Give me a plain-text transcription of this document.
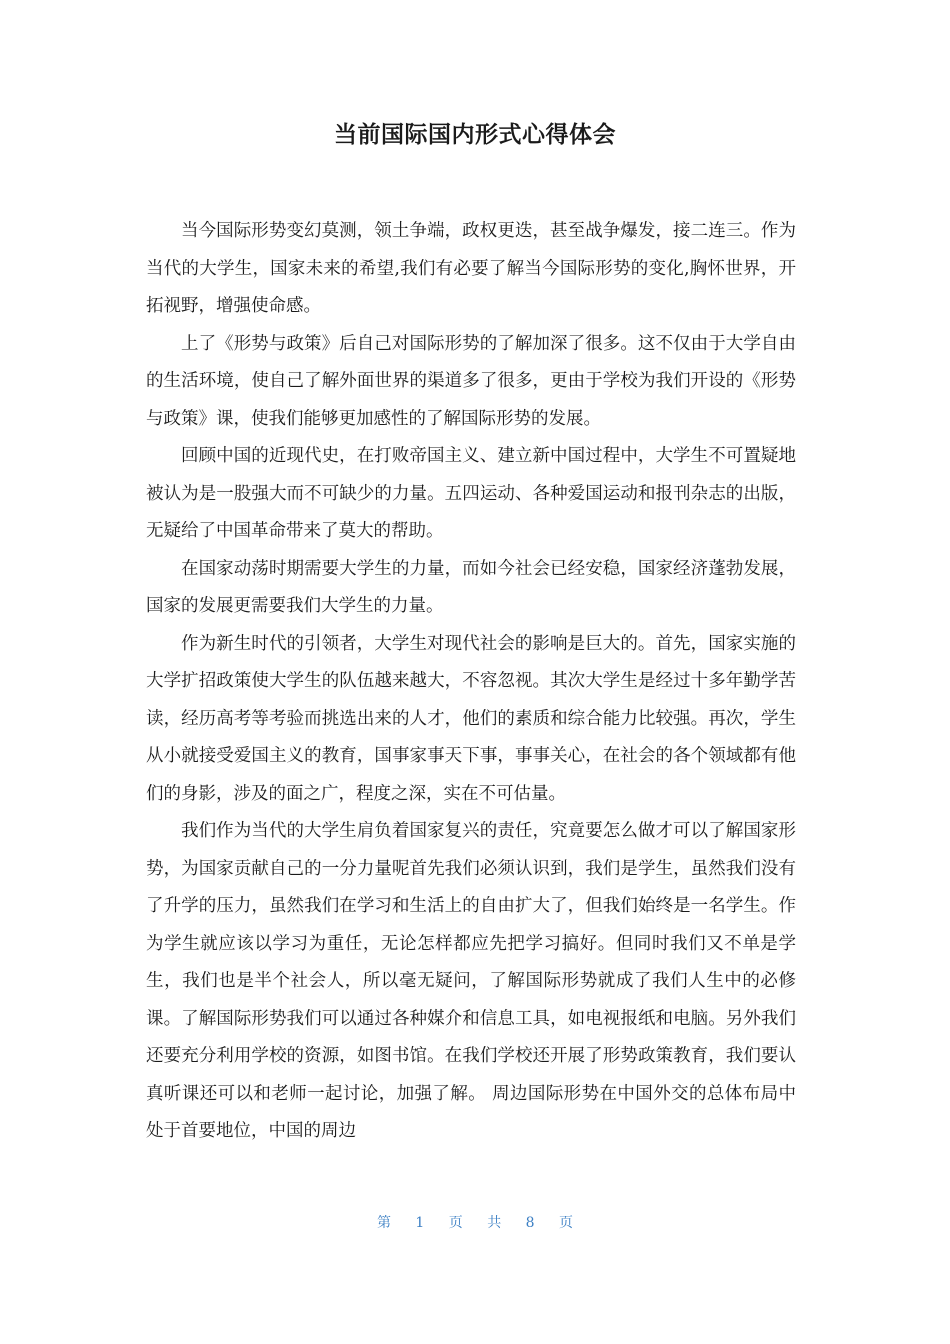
当前国际国内形式心得体会

当今国际形势变幻莫测，领土争端，政权更迭，甚至战争爆发，接二连三。作为当代的大学生，国家未来的希望,我们有必要了解当今国际形势的变化,胸怀世界，开拓视野，增强使命感。

上了《形势与政策》后自己对国际形势的了解加深了很多。这不仅由于大学自由的生活环境，使自己了解外面世界的渠道多了很多，更由于学校为我们开设的《形势与政策》课，使我们能够更加感性的了解国际形势的发展。

回顾中国的近现代史，在打败帝国主义、建立新中国过程中，大学生不可置疑地被认为是一股强大而不可缺少的力量。五四运动、各种爱国运动和报刊杂志的出版，无疑给了中国革命带来了莫大的帮助。

在国家动荡时期需要大学生的力量，而如今社会已经安稳，国家经济蓬勃发展，国家的发展更需要我们大学生的力量。

作为新生时代的引领者，大学生对现代社会的影响是巨大的。首先，国家实施的大学扩招政策使大学生的队伍越来越大，不容忽视。其次大学生是经过十多年勤学苦读，经历高考等考验而挑选出来的人才，他们的素质和综合能力比较强。再次，学生从小就接受爱国主义的教育，国事家事天下事，事事关心，在社会的各个领域都有他们的身影，涉及的面之广，程度之深，实在不可估量。

我们作为当代的大学生肩负着国家复兴的责任，究竟要怎么做才可以了解国家形势，为国家贡献自己的一分力量呢首先我们必须认识到，我们是学生，虽然我们没有了升学的压力，虽然我们在学习和生活上的自由扩大了，但我们始终是一名学生。作为学生就应该以学习为重任，无论怎样都应先把学习搞好。但同时我们又不单是学生，我们也是半个社会人，所以毫无疑问，了解国际形势就成了我们人生中的必修课。了解国际形势我们可以通过各种媒介和信息工具，如电视报纸和电脑。另外我们还要充分利用学校的资源，如图书馆。在我们学校还开展了形势政策教育，我们要认真听课还可以和老师一起讨论，加强了解。 周边国际形势在中国外交的总体布局中处于首要地位，中国的周边

第 1 页 共 8 页
